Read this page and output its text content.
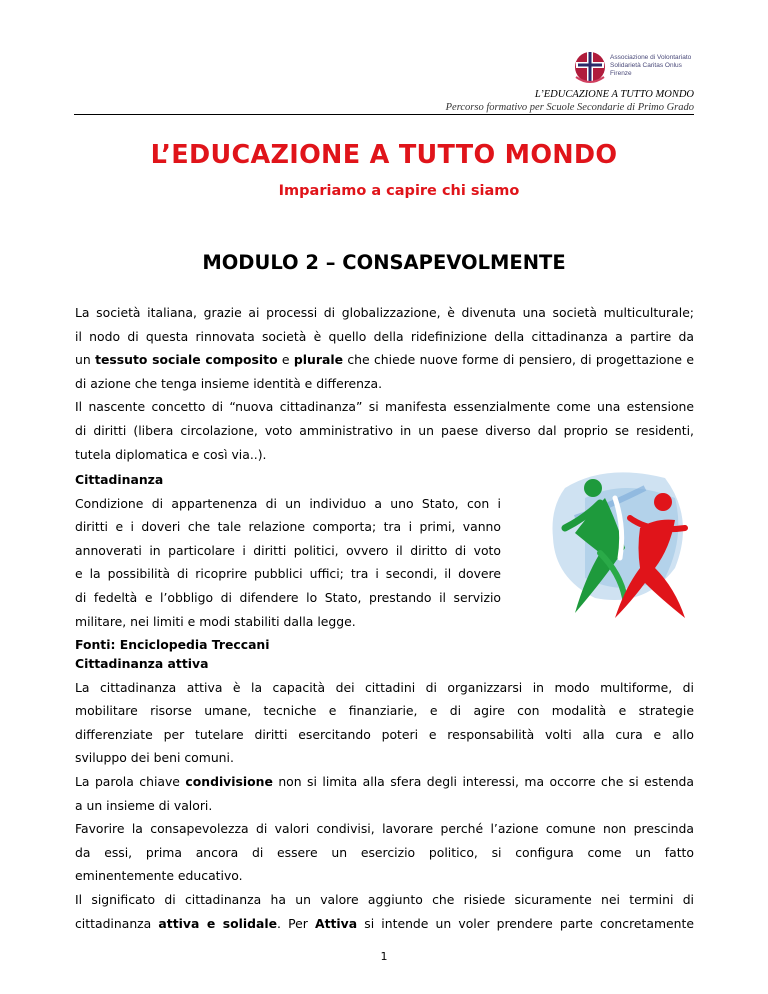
Associazione di Volontariato
Solidarietà Caritas Onlus
Firenze
L’EDUCAZIONE A TUTTO MONDO
Percorso formativo per Scuole Secondarie di Primo Grado
L’EDUCAZIONE A TUTTO MONDO
Impariamo a capire chi siamo
MODULO 2 – CONSAPEVOLMENTE

La società italiana, grazie ai processi di globalizzazione, è divenuta una società multiculturale;

il nodo di questa rinnovata società è quello della ridefinizione della cittadinanza a partire da

un tessuto sociale composito e plurale che chiede nuove forme di pensiero, di progettazione e

di azione che tenga insieme identità e differenza.

Il nascente concetto di “nuova cittadinanza” si manifesta essenzialmente come una estensione

di diritti (libera circolazione, voto amministrativo in un paese diverso dal proprio se residenti,

tutela diplomatica e così via..).

Cittadinanza

Condizione di appartenenza di un individuo a uno Stato, con i

diritti e i doveri che tale relazione comporta; tra i primi, vanno

annoverati in particolare i diritti politici, ovvero il diritto di voto

e la possibilità di ricoprire pubblici uffici; tra i secondi, il dovere

di fedeltà e l’obbligo di difendere lo Stato, prestando il servizio

militare, nei limiti e modi stabiliti dalla legge.

Fonti: Enciclopedia Treccani

Cittadinanza attiva

La cittadinanza attiva è la capacità dei cittadini di organizzarsi in modo multiforme, di

mobilitare risorse umane, tecniche e finanziarie, e di agire con modalità e strategie

differenziate per tutelare diritti esercitando poteri e responsabilità volti alla cura e allo

sviluppo dei beni comuni.

La parola chiave condivisione non si limita alla sfera degli interessi, ma occorre che si estenda

a un insieme di valori.

Favorire la consapevolezza di valori condivisi, lavorare perché l’azione comune non prescinda

da essi, prima ancora di essere un esercizio politico, si configura come un fatto

eminentemente educativo.

Il significato di cittadinanza ha un valore aggiunto che risiede sicuramente nei termini di

cittadinanza attiva e solidale. Per Attiva si intende un voler prendere parte concretamente

1
